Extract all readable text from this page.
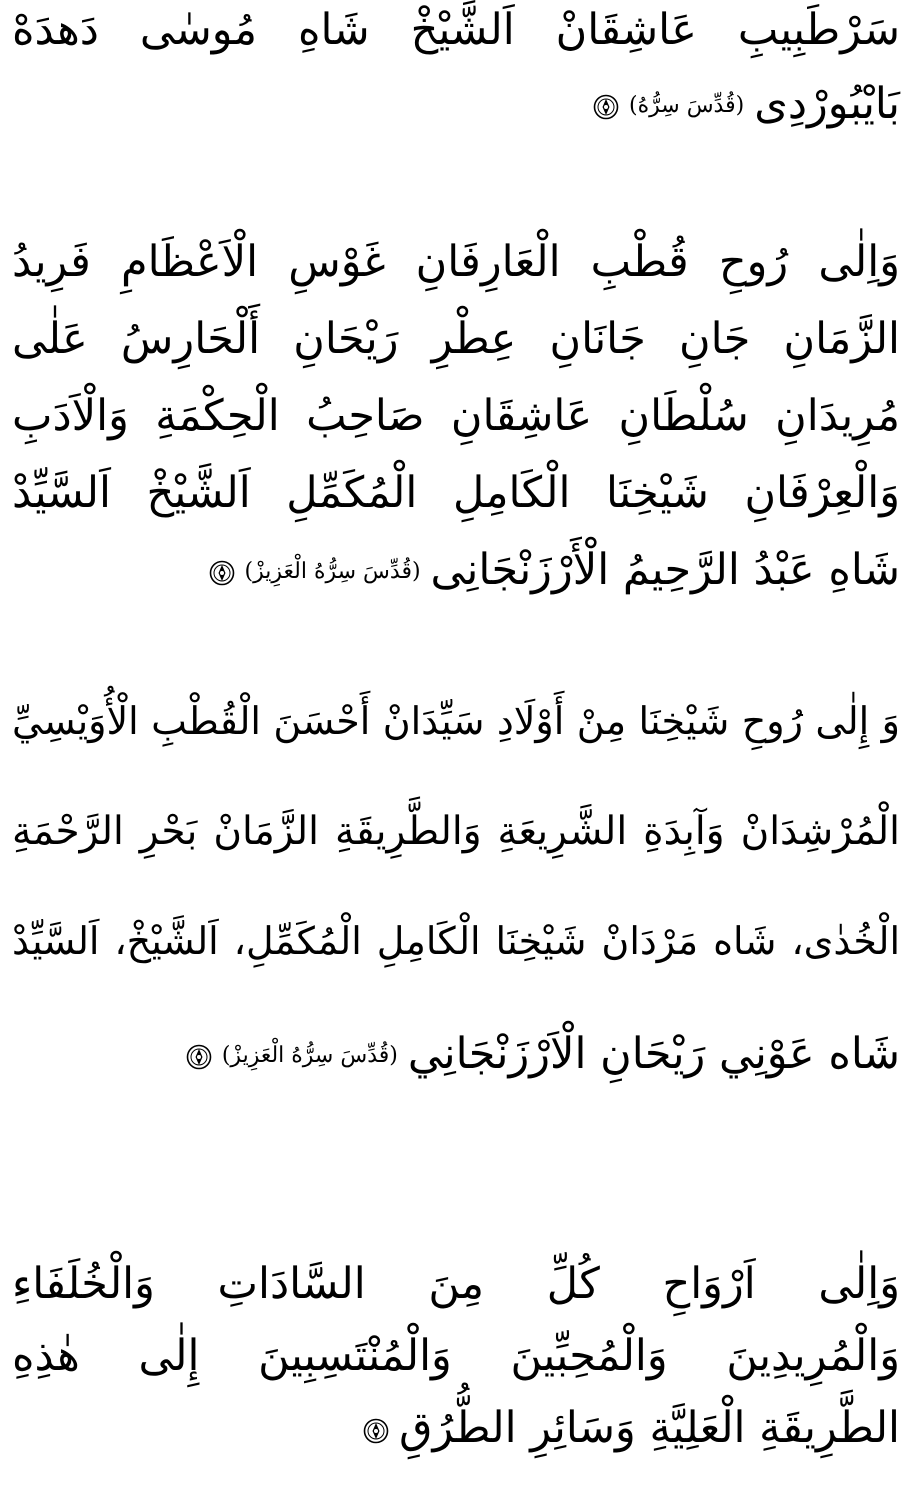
سَرْطَبِيبِ عَاشِقَانْ اَلشَّيْخْ شَاهِ مُوسٰى دَهدَهْ
بَايْبُورْدِى(قُدِّسَ سِرُّهُ)
وَاِلٰى رُوحِ قُطْبِ الْعَارِفَانِ غَوْسِ الْاَعْظَامِ فَرِيدُ
الزَّمَانِ جَانِ جَانَانِ عِطْرِ رَيْحَانِ أَلْحَارِسُ عَلٰى
مُرِيدَانِ سُلْطَانِ عَاشِقَانِ صَاحِبُ الْحِكْمَةِ وَالْاَدَبِ
وَالْعِرْفَانِ شَيْخِنَا الْكَامِلِ الْمُكَمِّلِ اَلشَّيْخْ اَلسَّيِّدْ
شَاهِ عَبْدُ الرَّحِيمُ الْأَرْزَنْجَانِى(قُدِّسَ سِرُّهُ الْعَزِيزْ)
وَ إِلٰى رُوحِ شَيْخِنَا مِنْ أَوْلَادِ سَيِّدَانْ أَحْسَنَ الْقُطْبِ الْأُوَيْسِيِّ
الْمُرْشِدَانْ وَآبِدَةِ الشَّرِيعَةِ وَالطَّرِيقَةِ الزَّمَانْ بَحْرِ الرَّحْمَةِ
الْخُدٰى، شَاه مَرْدَانْ شَيْخِنَا الْكَامِلِ الْمُكَمِّلِ، اَلشَّيْخْ، اَلسَّيِّدْ
شَاه عَوْنِي رَيْحَانِ الْاَرْزَنْجَانِي(قُدِّسَ سِرُّهُ الْعَزِيزْ)
وَاِلٰى اَرْوَاحِ كُلِّ مِنَ السَّادَاتِ وَالْخُلَفَاءِ
وَالْمُرِيدِينَ وَالْمُحِبِّينَ وَالْمُنْتَسِبِينَ إِلٰى هٰذِهِ
الطَّرِيقَةِ الْعَلِيَّةِ وَسَائِرِ الطُّرُقِ
